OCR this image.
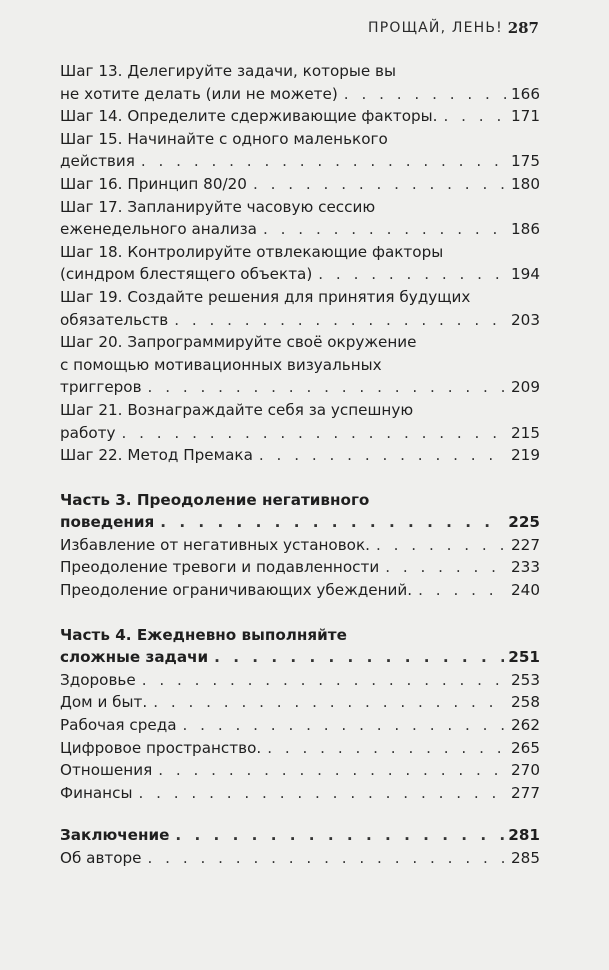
ПРОЩАЙ, ЛЕНЬ! 287
Шаг 13. Делегируйте задачи, которые вы
не хотите делать (или не можете) . . .	166
Шаг 14. Определите сдерживающие факторы. . . .	171
Шаг 15. Начинайте с одного маленького
действия . . .	175
Шаг 16. Принцип 80/20 . . .	180
Шаг 17. Запланируйте часовую сессию
еженедельного анализа . . .	186
Шаг 18. Контролируйте отвлекающие факторы
(синдром блестящего объекта) . . .	194
Шаг 19. Создайте решения для принятия будущих
обязательств . . .	203
Шаг 20. Запрограммируйте своё окружение
с помощью мотивационных визуальных
триггеров . . .	209
Шаг 21. Вознаграждайте себя за успешную
работу . . .	215
Шаг 22. Метод Премака . . .	219
Часть 3. Преодоление негативного
поведения . . .	225
Избавление от негативных установок. . . .	227
Преодоление тревоги и подавленности . . .	233
Преодоление ограничивающих убеждений. . . .	240
Часть 4. Ежедневно выполняйте
сложные задачи . . .	251
Здоровье . . .	253
Дом и быт. . . .	258
Рабочая среда . . .	262
Цифровое пространство. . . .	265
Отношения . . .	270
Финансы . . .	277
Заключение . . .	281
Об авторе . . .	285
